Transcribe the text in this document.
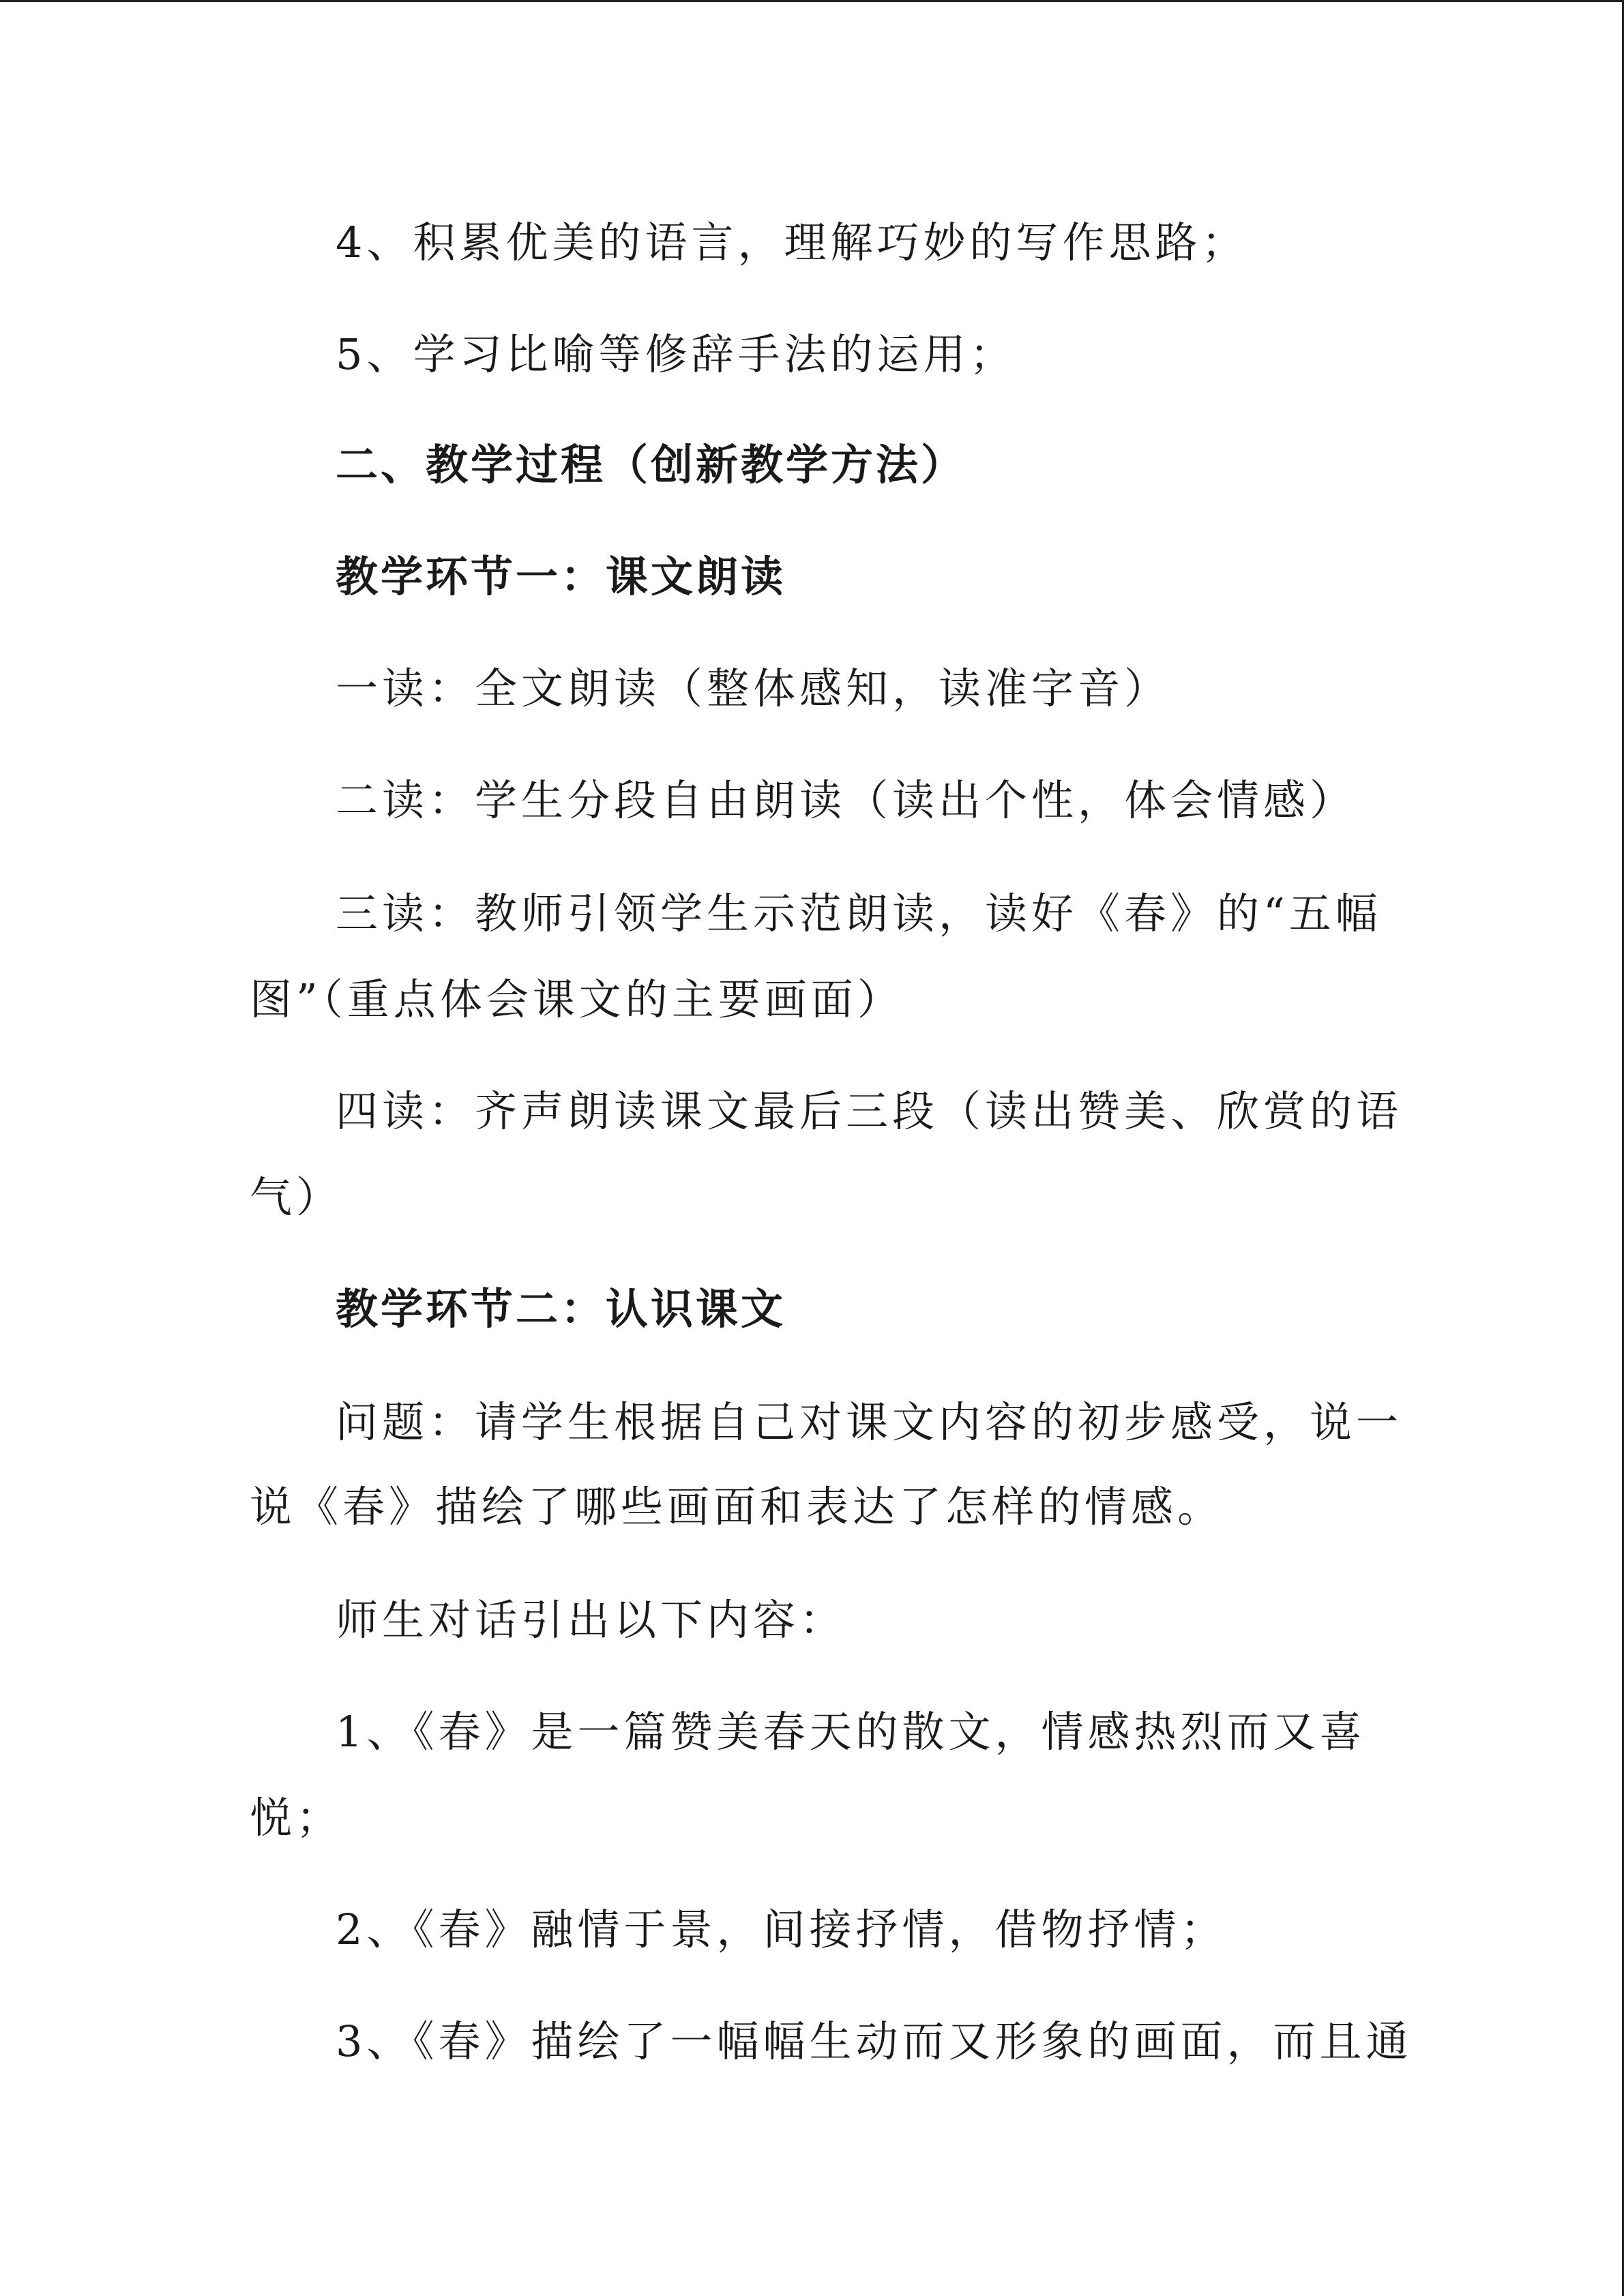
4、积累优美的语言，理解巧妙的写作思路；
5、学习比喻等修辞手法的运用；
二、教学过程（创新教学方法）
教学环节一：课文朗读
一读：全文朗读（整体感知，读准字音）
二读：学生分段自由朗读（读出个性，体会情感）
三读：教师引领学生示范朗读，读好《春》的“五幅
图”（重点体会课文的主要画面）
四读：齐声朗读课文最后三段（读出赞美、欣赏的语
气）
教学环节二：认识课文
问题：请学生根据自己对课文内容的初步感受，说一
说《春》描绘了哪些画面和表达了怎样的情感。
师生对话引出以下内容：
1、《春》是一篇赞美春天的散文，情感热烈而又喜
悦；
2、《春》融情于景，间接抒情，借物抒情；
3、《春》描绘了一幅幅生动而又形象的画面，而且通
